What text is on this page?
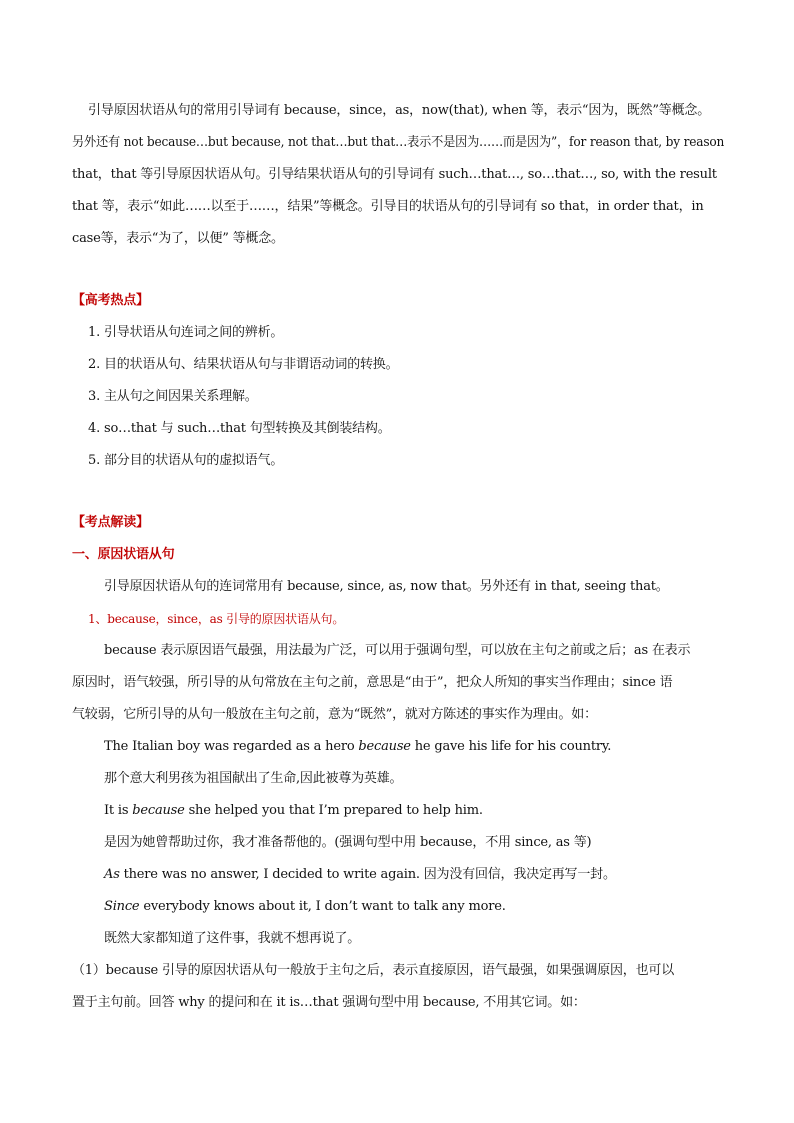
引导原因状语从句的常用引导词有 because，since，as，now(that), when 等，表示“因为，既然”等概念。
另外还有 not because…but because, not that…but that…表示不是因为……而是因为”，for reason that, by reason
that，that 等引导原因状语从句。引导结果状语从句的引导词有 such…that…, so…that…, so, with the result
that 等，表示“如此……以至于……，结果”等概念。引导目的状语从句的引导词有 so that，in order that，in
case等，表示“为了，以便” 等概念。
【高考热点】
1. 引导状语从句连词之间的辨析。
2. 目的状语从句、结果状语从句与非谓语动词的转换。
3. 主从句之间因果关系理解。
4. so…that 与 such…that 句型转换及其倒装结构。
5. 部分目的状语从句的虚拟语气。
【考点解读】
一、原因状语从句
引导原因状语从句的连词常用有 because, since, as, now that。另外还有 in that, seeing that。
1、because，since，as 引导的原因状语从句。
because 表示原因语气最强，用法最为广泛，可以用于强调句型，可以放在主句之前或之后；as 在表示
原因时，语气较强，所引导的从句常放在主句之前，意思是“由于”，把众人所知的事实当作理由；since 语
气较弱，它所引导的从句一般放在主句之前，意为“既然”，就对方陈述的事实作为理由。如：
The Italian boy was regarded as a hero because he gave his life for his country.
那个意大利男孩为祖国献出了生命,因此被尊为英雄。
It is because she helped you that I’m prepared to help him.
是因为她曾帮助过你，我才准备帮他的。(强调句型中用 because，不用 since, as 等)
As there was no answer, I decided to write again. 因为没有回信，我决定再写一封。
Since everybody knows about it, I don’t want to talk any more.
既然大家都知道了这件事，我就不想再说了。
（1）because 引导的原因状语从句一般放于主句之后，表示直接原因，语气最强，如果强调原因，也可以
置于主句前。回答 why 的提问和在 it is…that 强调句型中用 because, 不用其它词。如：
